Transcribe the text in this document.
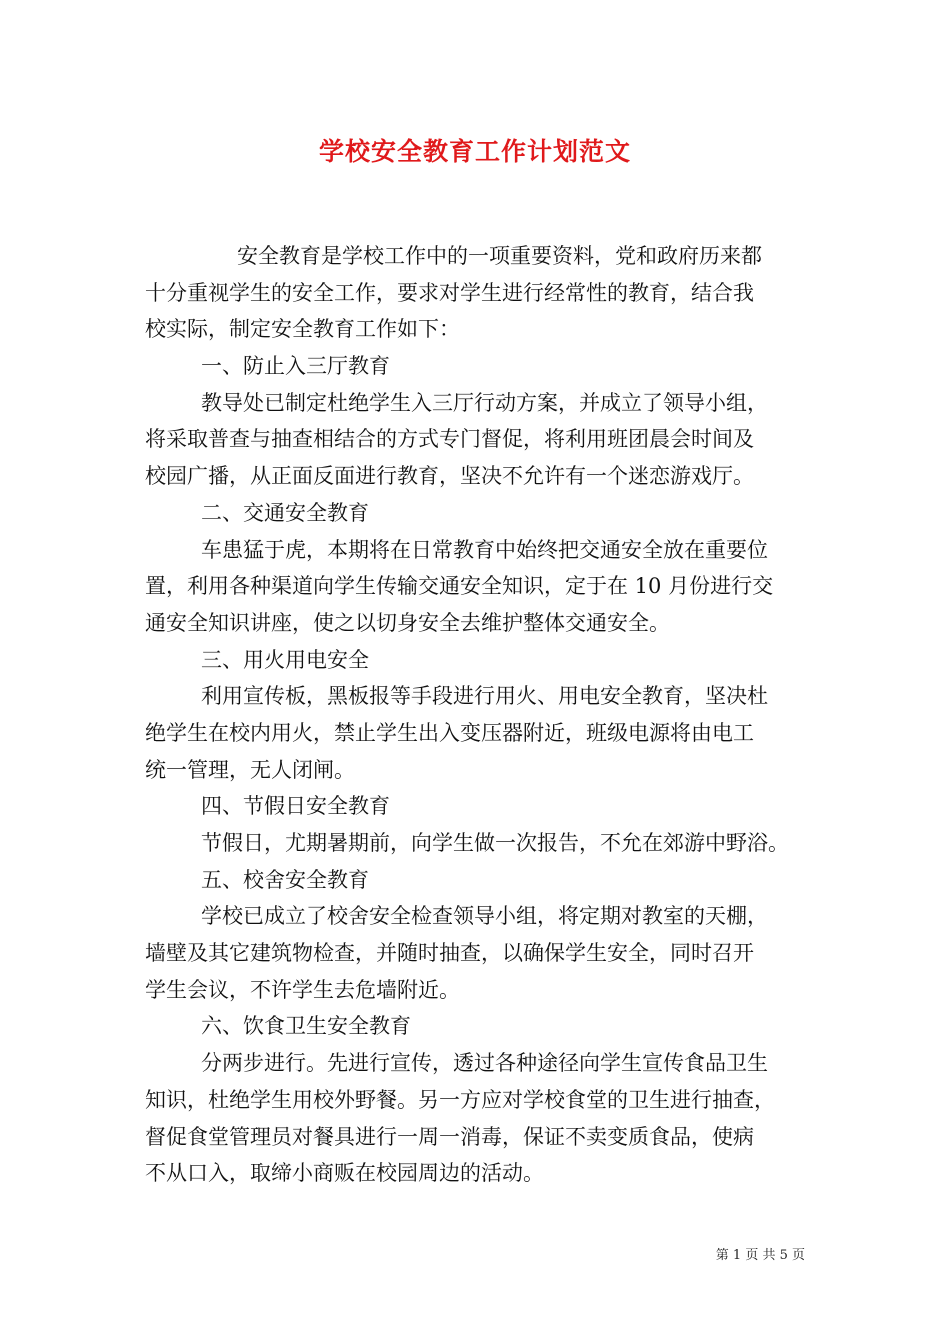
学校安全教育工作计划范文
安全教育是学校工作中的一项重要资料，党和政府历来都
十分重视学生的安全工作，要求对学生进行经常性的教育，结合我
校实际，制定安全教育工作如下：
一、防止入三厅教育
教导处已制定杜绝学生入三厅行动方案，并成立了领导小组，
将采取普查与抽查相结合的方式专门督促，将利用班团晨会时间及
校园广播，从正面反面进行教育，坚决不允许有一个迷恋游戏厅。
二、交通安全教育
车患猛于虎，本期将在日常教育中始终把交通安全放在重要位
置，利用各种渠道向学生传输交通安全知识，定于在 10 月份进行交
通安全知识讲座，使之以切身安全去维护整体交通安全。
三、用火用电安全
利用宣传板，黑板报等手段进行用火、用电安全教育，坚决杜
绝学生在校内用火，禁止学生出入变压器附近，班级电源将由电工
统一管理，无人闭闸。
四、节假日安全教育
节假日，尤期暑期前，向学生做一次报告，不允在郊游中野浴。
五、校舍安全教育
学校已成立了校舍安全检查领导小组，将定期对教室的天棚，
墙壁及其它建筑物检查，并随时抽查，以确保学生安全，同时召开
学生会议，不许学生去危墙附近。
六、饮食卫生安全教育
分两步进行。先进行宣传，透过各种途径向学生宣传食品卫生
知识，杜绝学生用校外野餐。另一方应对学校食堂的卫生进行抽查，
督促食堂管理员对餐具进行一周一消毒，保证不卖变质食品，使病
不从口入，取缔小商贩在校园周边的活动。
第 1 页 共 5 页
